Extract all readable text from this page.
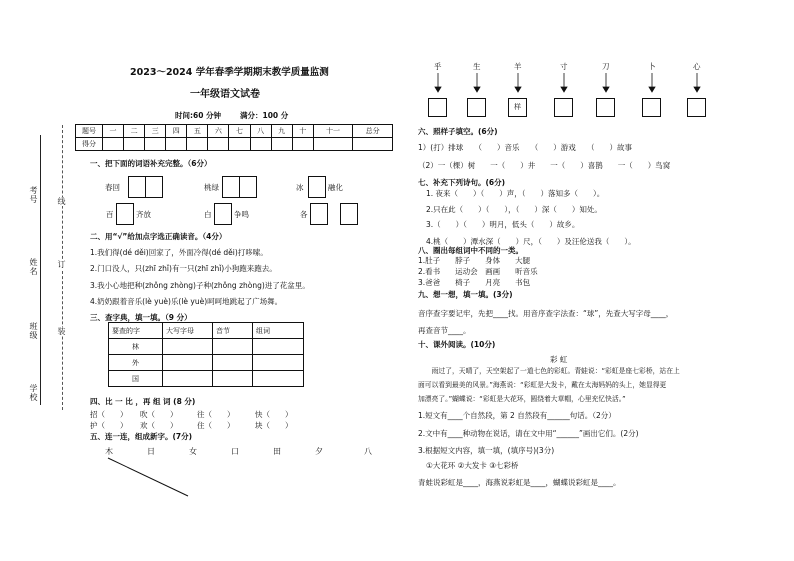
考号
姓名
班级
学校
线
订
装
2023～2024 学年春季学期期末教学质量监测
一年级语文试卷
时间:60 分钟	满分：100 分
题号	一	二	三	四	五	六	七	八	九	十	十一	总分
得分												
一、把下面的词语补充完整。（6分）
春回	桃绿	冰	融化
百	齐放	白	争鸣	各
二、用“√”给加点字选正确读音。（4分）
1.我们得(dé děi)回家了，外面冷得(dé děi)打哆嗦。
2.门口没人，只(zhī zhǐ)有一只(zhī zhǐ)小狗跑来跑去。
3.我小心地把种(zhǒng zhòng)子种(zhǒng zhòng)进了花盆里。
4.奶奶跟着音乐(lè yuè)乐(lè yuè)呵呵地跳起了广场舞。
三、查字典，填一填。（9 分）
要查的字	大写字母	音节	组词
林			
外			
国			
四、比 一 比 ，再 组 词 (8 分)
招（　　） 吹（　　）	往（　　）	快（　　）
护（　　） 欢（　　）	住（　　）	块（　　）
五、连一连，组成新字。(7分)
木	日	女	口	田	夕	八
乎	生	羊	寸	刀	卜	心
样
六、照样子填空。(6分)
1）(打）排球　　（　　）音乐　　（　　）游戏　　（　　）故事
（2）一（棵）树　　一（　　）井　　一（　　）喜鹊　　一（　　）鸟窝
七、补充下列诗句。(6分)
1. 夜来（　　）（　　）声，（　　）落知多（　　）。
2.只在此（　　）（　　），（　　）深（　　）知处。
3.（　　）（　　）明月，低头（　　）故乡。
4.桃（　　）潭水深（　　）尺，（　　）及汪伦送我（　　）。
八、圈出每组词中不同的一类。
1.肚子　　脖子　　身体　　大腿
2.看书　　运动会　画画　　听音乐
3.爸爸　　椅子　　月亮　　书包
九、想一想，填一填。(3分)
音序查字要记牢，先把____找。用音序查字法查：“球”，先查大写字母____，
再查音节____。
十、课外阅读。(10分)
彩 虹
　　雨过了，天晴了，天空架起了一道七色的彩虹。青蛙说：“彩虹是座七彩桥，站在上
面可以看到最美的风景。”海燕说：“彩虹是大发卡，戴在太海妈妈的头上，她显得更
加漂亮了。”蝴蝶说：“彩虹是大花环，圆绕着大草帽，心里充忆快活。”
1.短文有____个自然段，第 2 自然段有______句话。（2分）
2.文中有____种动物在说话，请在文中用“______”画出它们。(2分)
3.根据短文内容，填一填，(填序号)(3分)
①大花环 ②大发卡 ③七彩桥
青蛙说彩虹是____，海燕说彩虹是____，蝴蝶说彩虹是____。
